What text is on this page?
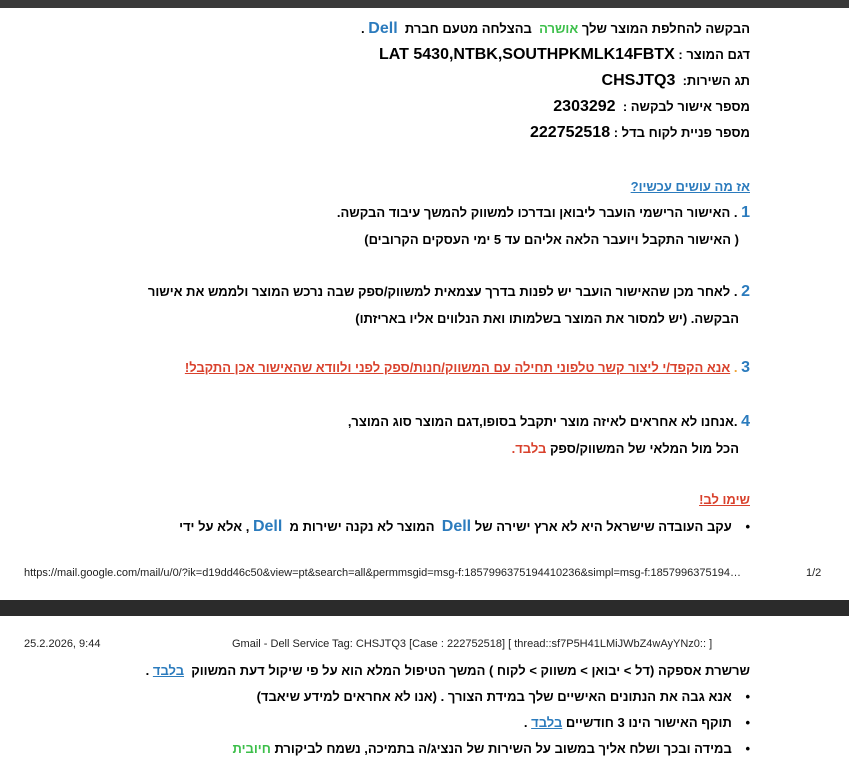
הבקשה להחלפת המוצר שלך אושרה  בהצלחה מטעם חברת  Dell .
דגם המוצר : LAT 5430,NTBK,SOUTHPKMLK14FBTX
תג השירות:  CHSJTQ3
מספר אישור לבקשה :  2303292
מספר פניית לקוח בדל : 222752518
אז מה עושים עכשיו?
1 . האישור הרישמי הועבר ליבואן ובדרכו למשווק להמשך עיבוד הבקשה.
( האישור התקבל ויועבר הלאה אליהם עד 5 ימי העסקים הקרובים)
2 . לאחר מכן שהאישור הועבר יש לפנות בדרך עצמאית למשווק/ספק שבה נרכש המוצר ולממש את אישור
הבקשה. (יש למסור את המוצר בשלמותו ואת הנלווים אליו באריזתו)
3 . אנא הקפד/י ליצור קשר טלפוני תחילה עם המשווק/חנות/ספק לפני ולוודא שהאישור אכן התקבל!
4 .אנחנו לא אחראים לאיזה מוצר יתקבל בסופו,דגם המוצר סוג המוצר,
הכל מול המלאי של המשווק/ספק בלבד.
שימו לב!
• עקב העובדה שישראל היא לא ארץ ישירה של Dell  המוצר לא נקנה ישירות מ  Dell , אלא על ידי
https://mail.google.com/mail/u/0/?ik=d19dd46c50&view=pt&search=all&permmsgid=msg-f:1857996375194410236&simpl=msg-f:1857996375194…	1/2
25.2.2026, 9:44	Gmail - Dell Service Tag: CHSJTQ3 [Case : 222752518] [ thread::sf7P5H41LMiJWbZ4wAyYNz0:: ]
שרשרת אספקה (דל > יבואן > משווק > לקוח ) המשך הטיפול המלא הוא על פי שיקול דעת המשווק  בלבד .
• אנא גבה את הנתונים האישיים שלך במידת הצורך . (אנו לא אחראים למידע שיאבד)
• תוקף האישור הינו 3 חודשיים בלבד .
• במידה ובכך ושלח אליך במשוב על השירות של הנציג/ה בתמיכה, נשמח לביקורת חיובית
